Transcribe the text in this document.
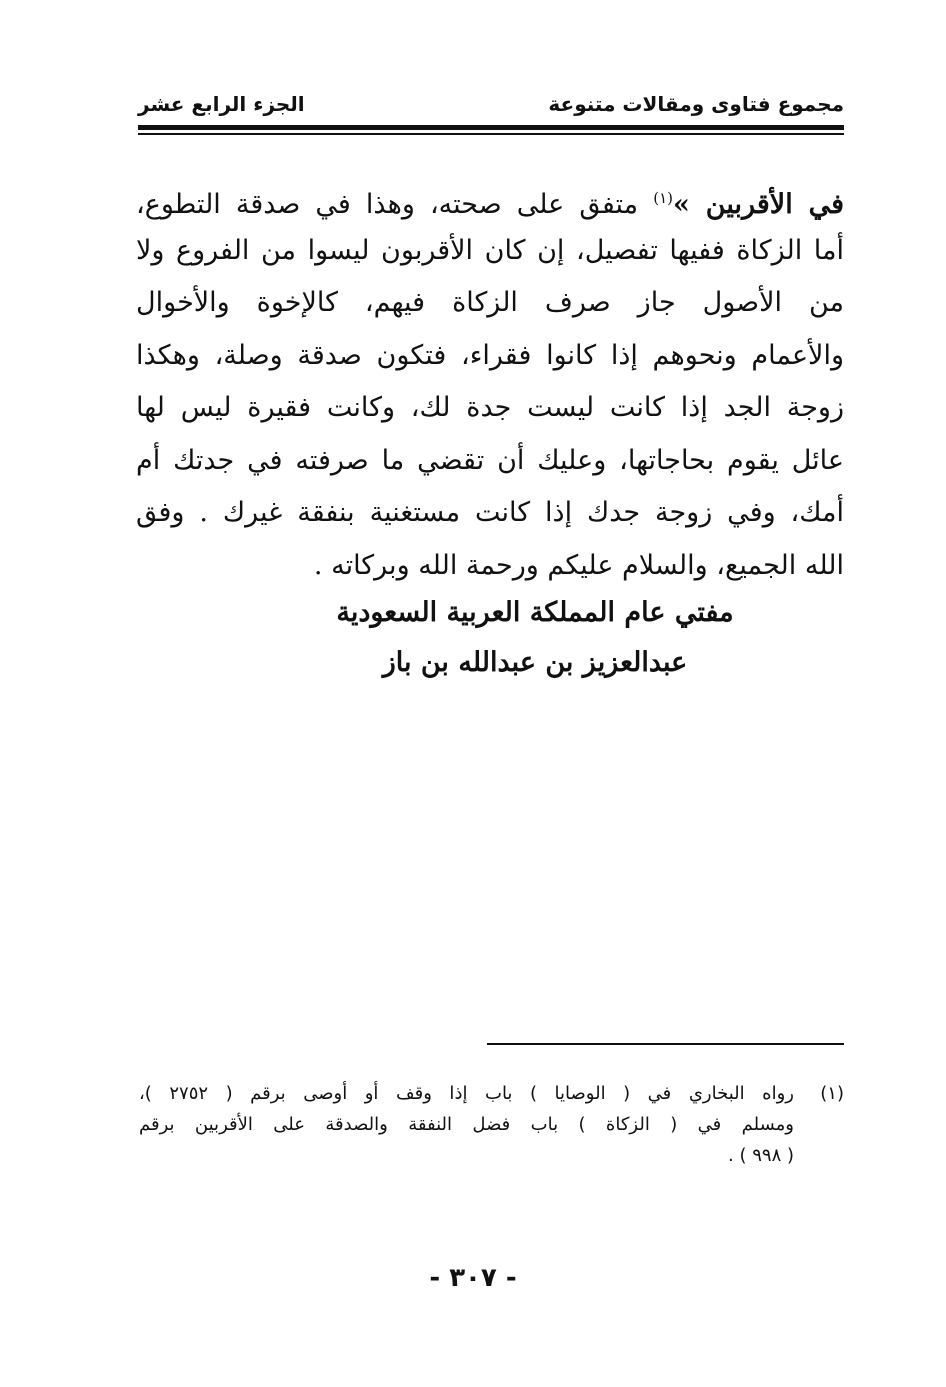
مجموع فتاوى ومقالات متنوعة
الجزء الرابع عشر
في الأقربين »$^{(١)}$ متفق على صحته، وهذا في صدقة التطوع،
أما الزكاة ففيها تفصيل، إن كان الأقربون ليسوا من الفروع ولا
من الأصول جاز صرف الزكاة فيهم، كالإخوة والأخوال
والأعمام ونحوهم إذا كانوا فقراء، فتكون صدقة وصلة، وهكذا
زوجة الجد إذا كانت ليست جدة لك، وكانت فقيرة ليس لها
عائل يقوم بحاجاتها، وعليك أن تقضي ما صرفته في جدتك أم
أمك، وفي زوجة جدك إذا كانت مستغنية بنفقة غيرك . وفق
الله الجميع، والسلام عليكم ورحمة الله وبركاته .
مفتي عام المملكة العربية السعودية
عبدالعزيز بن عبدالله بن باز
(١)رواه البخاري في ( الوصايا ) باب إذا وقف أو أوصى برقم ( ٢٧٥٢ )،
ومسلم في ( الزكاة ) باب فضل النفقة والصدقة على الأقربين برقم
( ٩٩٨ ) .
- ٣٠٧ -
